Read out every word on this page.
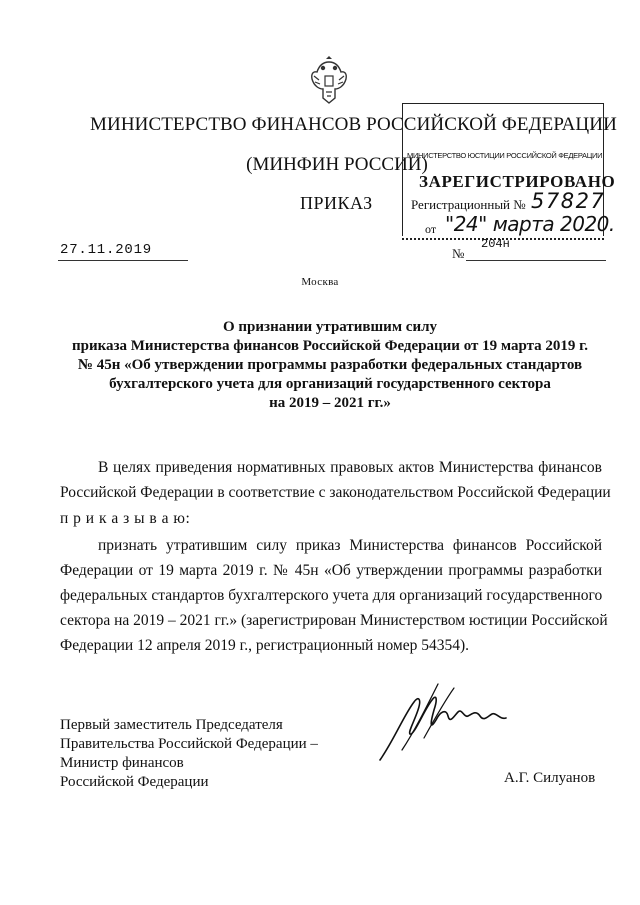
МИНИСТЕРСТВО ФИНАНСОВ РОССИЙСКОЙ ФЕДЕРАЦИИ
(МИНФИН РОССИИ)
ПРИКАЗ
МИНИСТЕРСТВО ЮСТИЦИИ РОССИЙСКОЙ ФЕДЕРАЦИИ
ЗАРЕГИСТРИРОВАНО
Регистрационный № 57827
от "24" марта 2020.
27.11.2019	№
204н
Москва
О признании утратившим силу
приказа Министерства финансов Российской Федерации от 19 марта 2019 г.
№ 45н «Об утверждении программы разработки федеральных стандартов
бухгалтерского учета для организаций государственного сектора
на 2019 – 2021 гг.»
В целях приведения нормативных правовых актов Министерства финансов
Российской Федерации в соответствие с законодательством Российской Федерации
п р и к а з ы в а ю:
признать утратившим силу приказ Министерства финансов Российской
Федерации от 19 марта 2019 г. № 45н «Об утверждении программы разработки
федеральных стандартов бухгалтерского учета для организаций государственного
сектора на 2019 – 2021 гг.» (зарегистрирован Министерством юстиции Российской
Федерации 12 апреля 2019 г., регистрационный номер 54354).
Первый заместитель Председателя
Правительства Российской Федерации –
Министр финансов
Российской Федерации	А.Г. Силуанов
